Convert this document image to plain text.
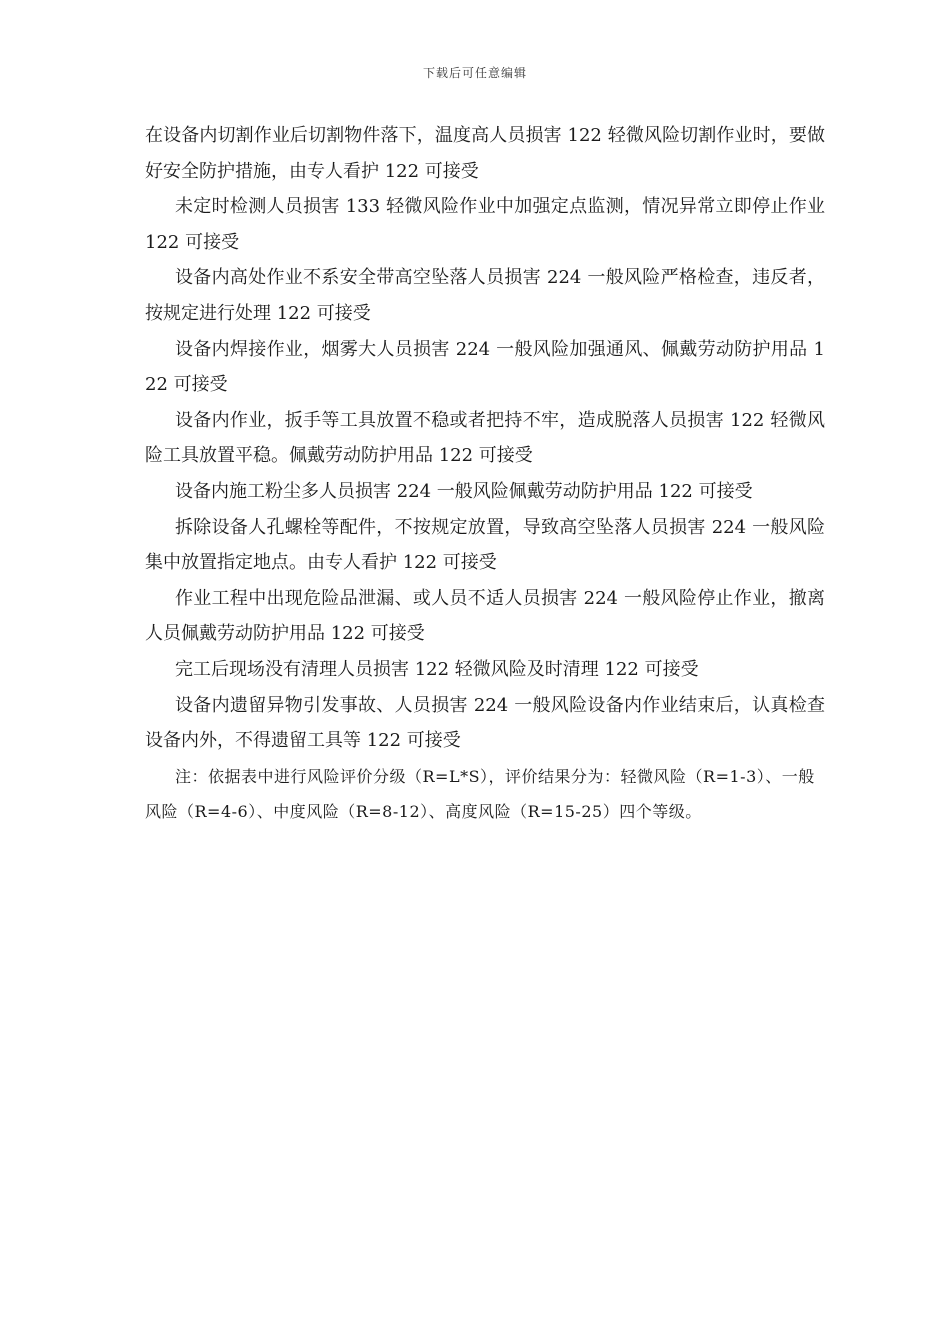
下载后可任意编辑

在设备内切割作业后切割物件落下，温度高人员损害 122 轻微风险切割作业时，要做好安全防护措施，由专人看护 122 可接受

未定时检测人员损害 133 轻微风险作业中加强定点监测，情况异常立即停止作业 122 可接受

设备内高处作业不系安全带高空坠落人员损害 224 一般风险严格检查，违反者，按规定进行处理 122 可接受

设备内焊接作业，烟雾大人员损害 224 一般风险加强通风、佩戴劳动防护用品 122 可接受

设备内作业，扳手等工具放置不稳或者把持不牢，造成脱落人员损害 122 轻微风险工具放置平稳。佩戴劳动防护用品 122 可接受

设备内施工粉尘多人员损害 224 一般风险佩戴劳动防护用品 122 可接受

拆除设备人孔螺栓等配件，不按规定放置，导致高空坠落人员损害 224 一般风险集中放置指定地点。由专人看护 122 可接受

作业工程中出现危险品泄漏、或人员不适人员损害 224 一般风险停止作业，撤离人员佩戴劳动防护用品 122 可接受

完工后现场没有清理人员损害 122 轻微风险及时清理 122 可接受

设备内遗留异物引发事故、人员损害 224 一般风险设备内作业结束后，认真检查设备内外，不得遗留工具等 122 可接受

注：依据表中进行风险评价分级（R=L*S），评价结果分为：轻微风险（R=1-3）、一般风险（R=4-6）、中度风险（R=8-12）、高度风险（R=15-25）四个等级。
